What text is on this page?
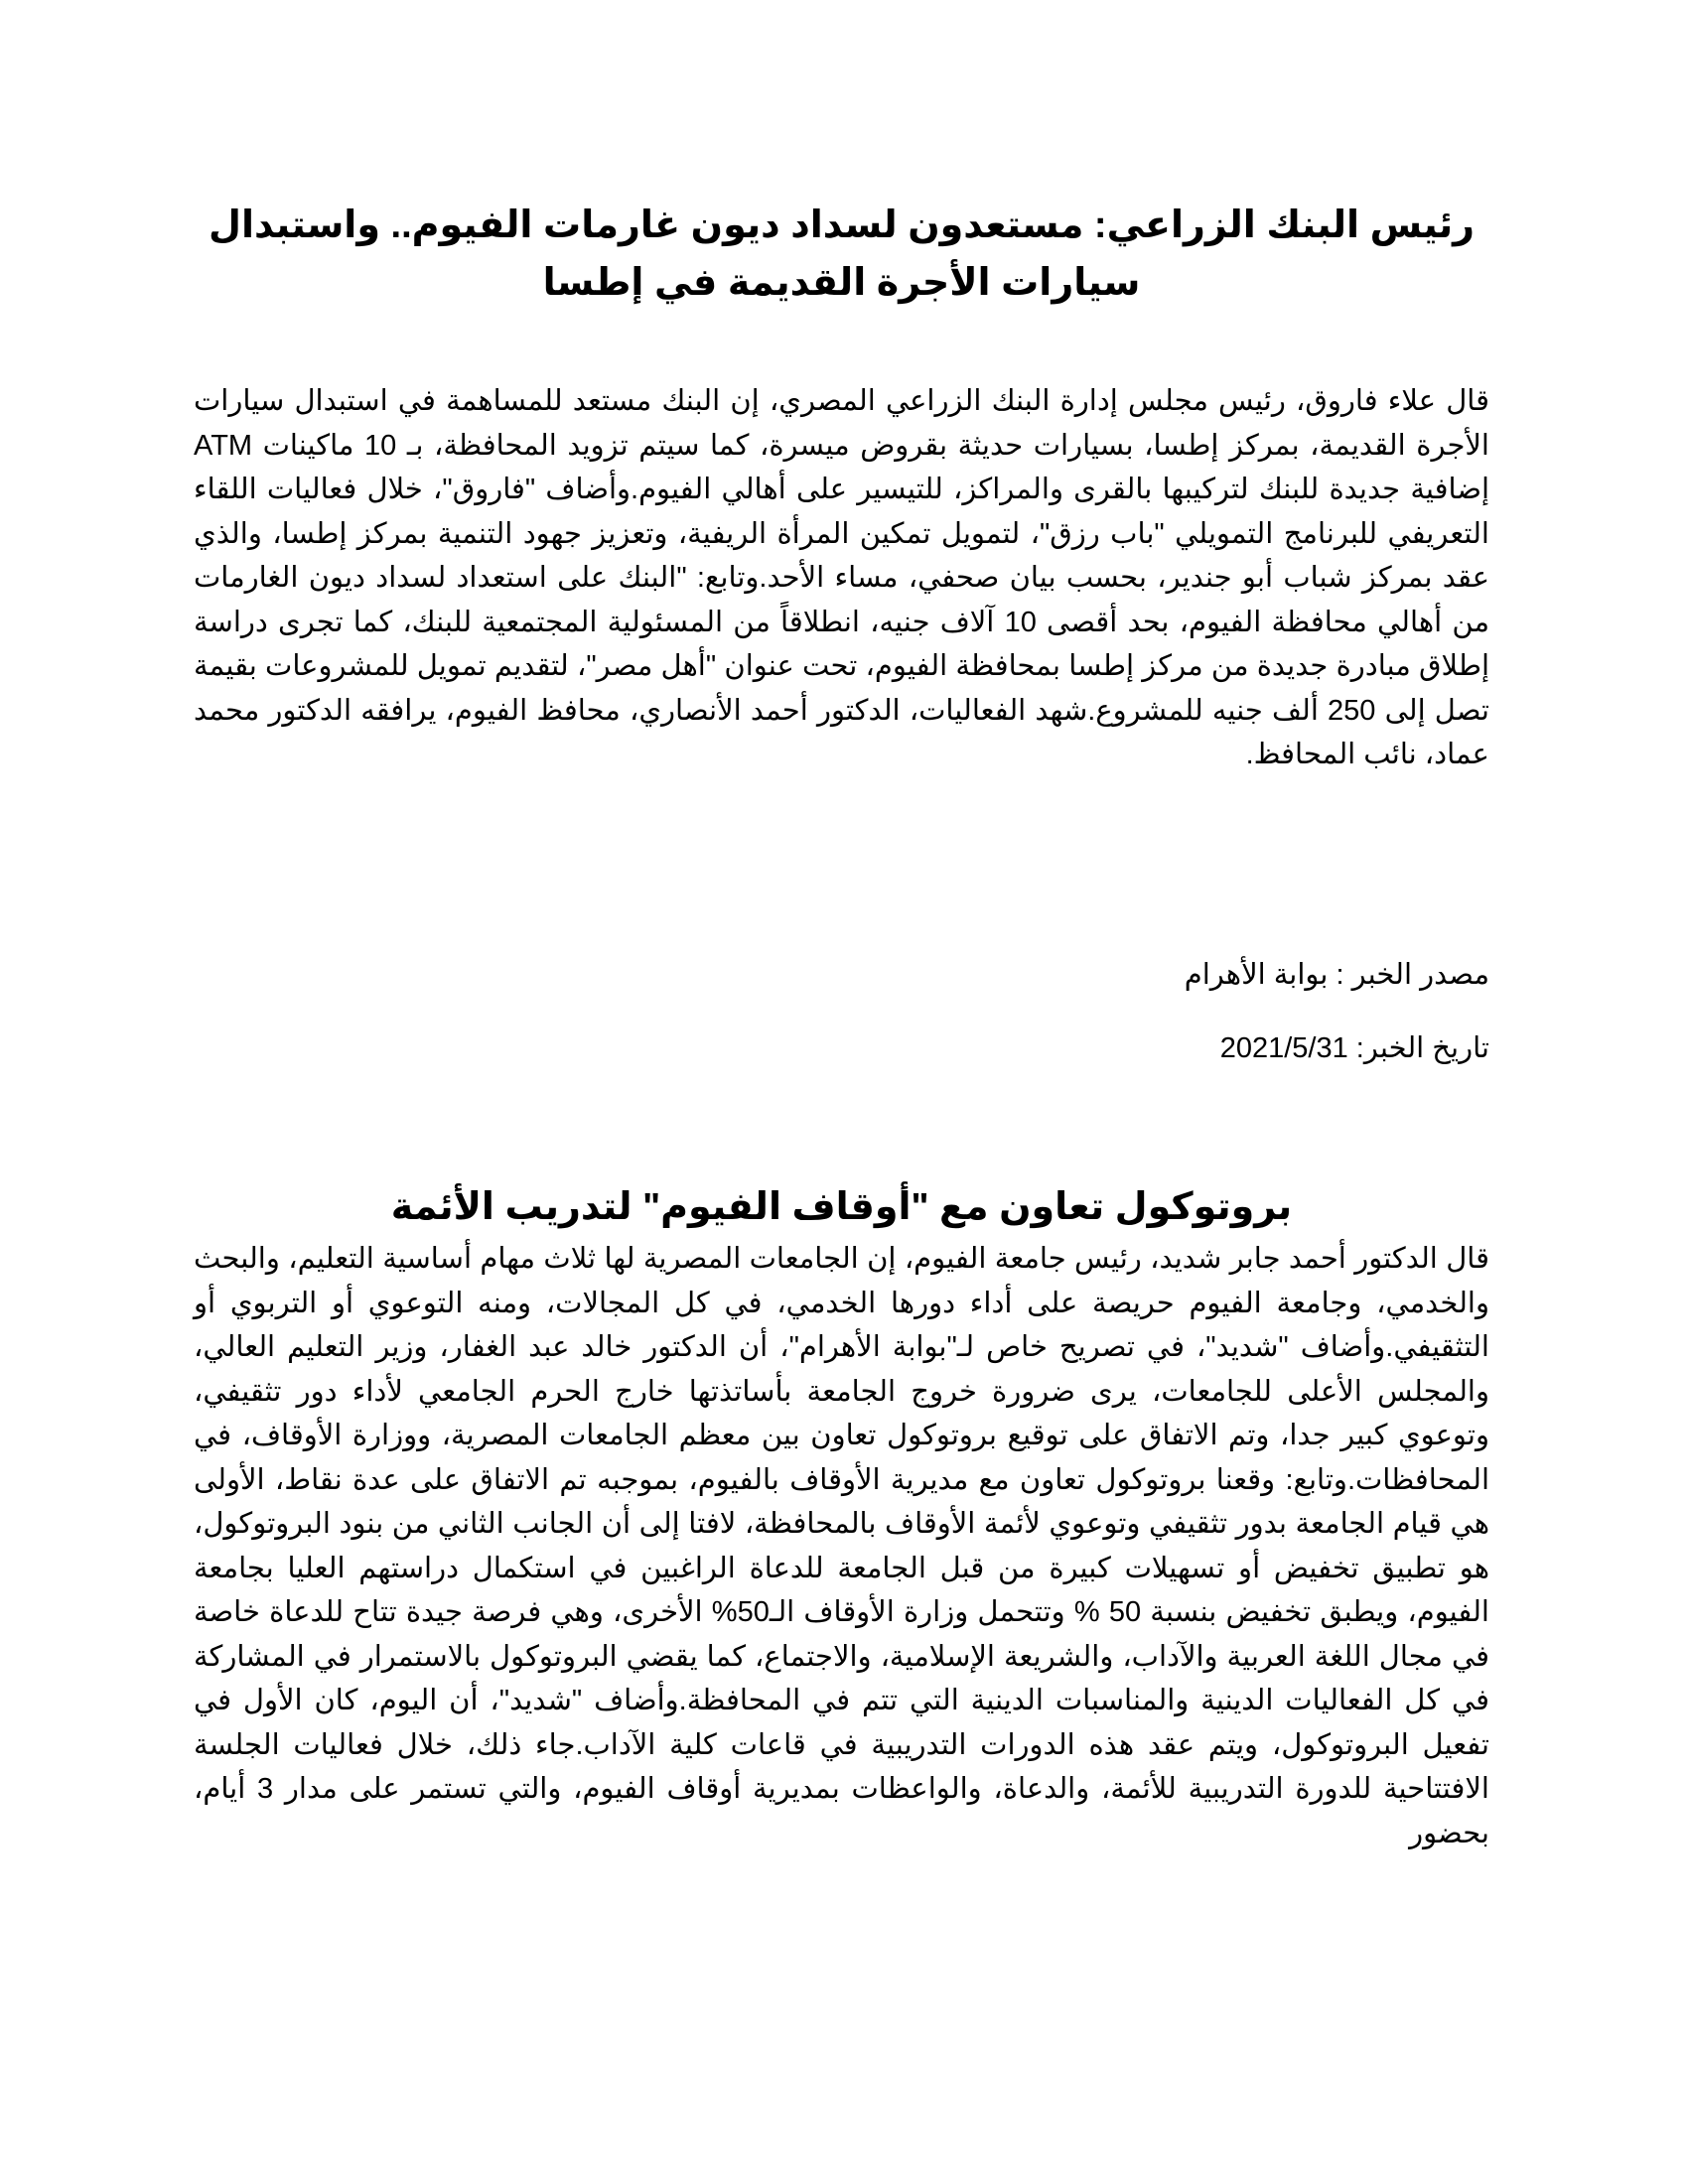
رئيس البنك الزراعي: مستعدون لسداد ديون غارمات الفيوم.. واستبدال سيارات الأجرة القديمة في إطسا

قال علاء فاروق، رئيس مجلس إدارة البنك الزراعي المصري، إن البنك مستعد للمساهمة في استبدال سيارات الأجرة القديمة، بمركز إطسا، بسيارات حديثة بقروض ميسرة، كما سيتم تزويد المحافظة، بـ 10 ماكينات ATM إضافية جديدة للبنك لتركيبها بالقرى والمراكز، للتيسير على أهالي الفيوم.وأضاف "فاروق"، خلال فعاليات اللقاء التعريفي للبرنامج التمويلي "باب رزق"، لتمويل تمكين المرأة الريفية، وتعزيز جهود التنمية بمركز إطسا، والذي عقد بمركز شباب أبو جندير، بحسب بيان صحفي، مساء الأحد.وتابع: "البنك على استعداد لسداد ديون الغارمات من أهالي محافظة الفيوم، بحد أقصى 10 آلاف جنيه، انطلاقاً من المسئولية المجتمعية للبنك، كما تجرى دراسة إطلاق مبادرة جديدة من مركز إطسا بمحافظة الفيوم، تحت عنوان "أهل مصر"، لتقديم تمويل للمشروعات بقيمة تصل إلى 250 ألف جنيه للمشروع.شهد الفعاليات، الدكتور أحمد الأنصاري، محافظ الفيوم، يرافقه الدكتور محمد عماد، نائب المحافظ.

مصدر الخبر : بوابة الأهرام

تاريخ الخبر: 2021/5/31

بروتوكول تعاون مع "أوقاف الفيوم" لتدريب الأئمة

قال الدكتور أحمد جابر شديد، رئيس جامعة الفيوم، إن الجامعات المصرية لها ثلاث مهام أساسية التعليم، والبحث والخدمي، وجامعة الفيوم حريصة على أداء دورها الخدمي، في كل المجالات، ومنه التوعوي أو التربوي أو التثقيفي.وأضاف "شديد"، في تصريح خاص لـ"بوابة الأهرام"، أن الدكتور خالد عبد الغفار، وزير التعليم العالي، والمجلس الأعلى للجامعات، يرى ضرورة خروج الجامعة بأساتذتها خارج الحرم الجامعي لأداء دور تثقيفي، وتوعوي كبير جدا، وتم الاتفاق على توقيع بروتوكول تعاون بين معظم الجامعات المصرية، ووزارة الأوقاف، في المحافظات.وتابع: وقعنا بروتوكول تعاون مع مديرية الأوقاف بالفيوم، بموجبه تم الاتفاق على عدة نقاط، الأولى هي قيام الجامعة بدور تثقيفي وتوعوي لأئمة الأوقاف بالمحافظة، لافتا إلى أن الجانب الثاني من بنود البروتوكول، هو تطبيق تخفيض أو تسهيلات كبيرة من قبل الجامعة للدعاة الراغبين في استكمال دراستهم العليا بجامعة الفيوم، ويطبق تخفيض بنسبة 50 % وتتحمل وزارة الأوقاف الـ50% الأخرى، وهي فرصة جيدة تتاح للدعاة خاصة في مجال اللغة العربية والآداب، والشريعة الإسلامية، والاجتماع، كما يقضي البروتوكول بالاستمرار في المشاركة في كل الفعاليات الدينية والمناسبات الدينية التي تتم في المحافظة.وأضاف "شديد"، أن اليوم، كان الأول في تفعيل البروتوكول، ويتم عقد هذه الدورات التدريبية في قاعات كلية الآداب.جاء ذلك، خلال فعاليات الجلسة الافتتاحية للدورة التدريبية للأئمة، والدعاة، والواعظات بمديرية أوقاف الفيوم، والتي تستمر على مدار 3 أيام، بحضور
